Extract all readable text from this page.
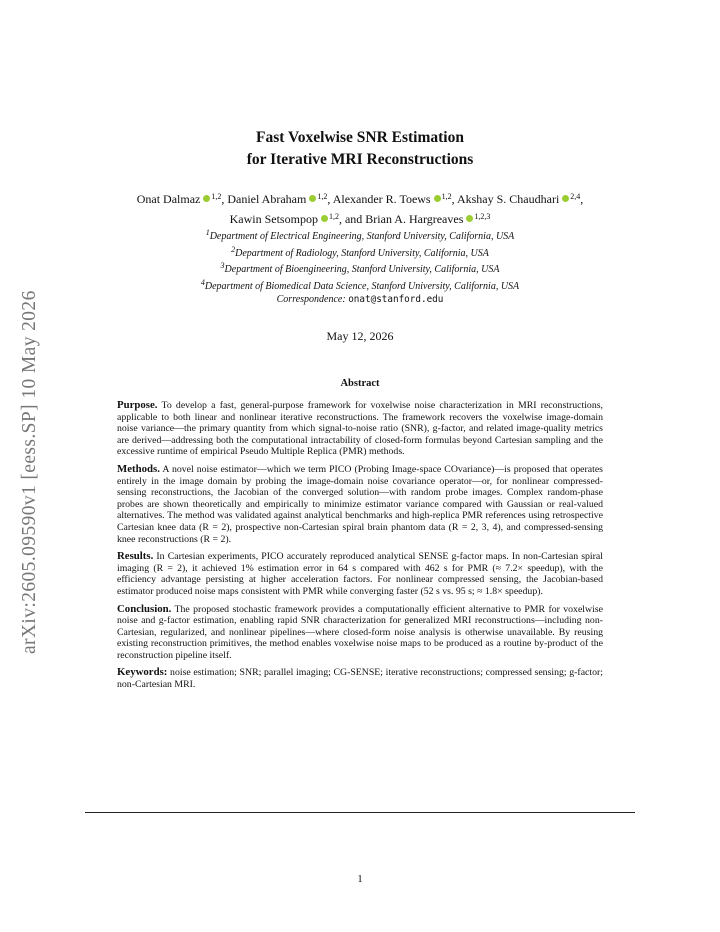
arXiv:2605.09590v1 [eess.SP] 10 May 2026
Fast Voxelwise SNR Estimation
for Iterative MRI Reconstructions
Onat Dalmaz $^{1,2}$, Daniel Abraham $^{1,2}$, Alexander R. Toews $^{1,2}$, Akshay S. Chaudhari $^{2,4}$,
Kawin Setsompop $^{1,2}$, and Brian A. Hargreaves $^{1,2,3}$
$^1$Department of Electrical Engineering, Stanford University, California, USA
$^2$Department of Radiology, Stanford University, California, USA
$^3$Department of Bioengineering, Stanford University, California, USA
$^4$Department of Biomedical Data Science, Stanford University, California, USA
Correspondence: onat@stanford.edu
May 12, 2026
Abstract

Purpose. To develop a fast, general-purpose framework for voxelwise noise characterization in MRI reconstructions, applicable to both linear and nonlinear iterative reconstructions. The framework recovers the voxelwise image-domain noise variance—the primary quantity from which signal-to-noise ratio (SNR), g-factor, and related image-quality metrics are derived—addressing both the computational intractability of closed-form formulas beyond Cartesian sampling and the excessive runtime of empirical Pseudo Multiple Replica (PMR) methods.

Methods. A novel noise estimator—which we term PICO (Probing Image-space COvariance)—is proposed that operates entirely in the image domain by probing the image-domain noise covariance operator—or, for nonlinear compressed-sensing reconstructions, the Jacobian of the converged solution—with random probe images. Complex random-phase probes are shown theoretically and empirically to minimize estimator variance compared with Gaussian or real-valued alternatives. The method was validated against analytical benchmarks and high-replica PMR references using retrospective Cartesian knee data (R = 2), prospective non-Cartesian spiral brain phantom data (R = 2, 3, 4), and compressed-sensing knee reconstructions (R = 2).

Results. In Cartesian experiments, PICO accurately reproduced analytical SENSE g-factor maps. In non-Cartesian spiral imaging (R = 2), it achieved 1% estimation error in 64 s compared with 462 s for PMR (≈ 7.2× speedup), with the efficiency advantage persisting at higher acceleration factors. For nonlinear compressed sensing, the Jacobian-based estimator produced noise maps consistent with PMR while converging faster (52 s vs. 95 s; ≈ 1.8× speedup).

Conclusion. The proposed stochastic framework provides a computationally efficient alternative to PMR for voxelwise noise and g-factor estimation, enabling rapid SNR characterization for generalized MRI reconstructions—including non-Cartesian, regularized, and nonlinear pipelines—where closed-form noise analysis is otherwise unavailable. By reusing existing reconstruction primitives, the method enables voxelwise noise maps to be produced as a routine by-product of the reconstruction pipeline itself.

Keywords: noise estimation; SNR; parallel imaging; CG-SENSE; iterative reconstructions; compressed sensing; g-factor; non-Cartesian MRI.

1
